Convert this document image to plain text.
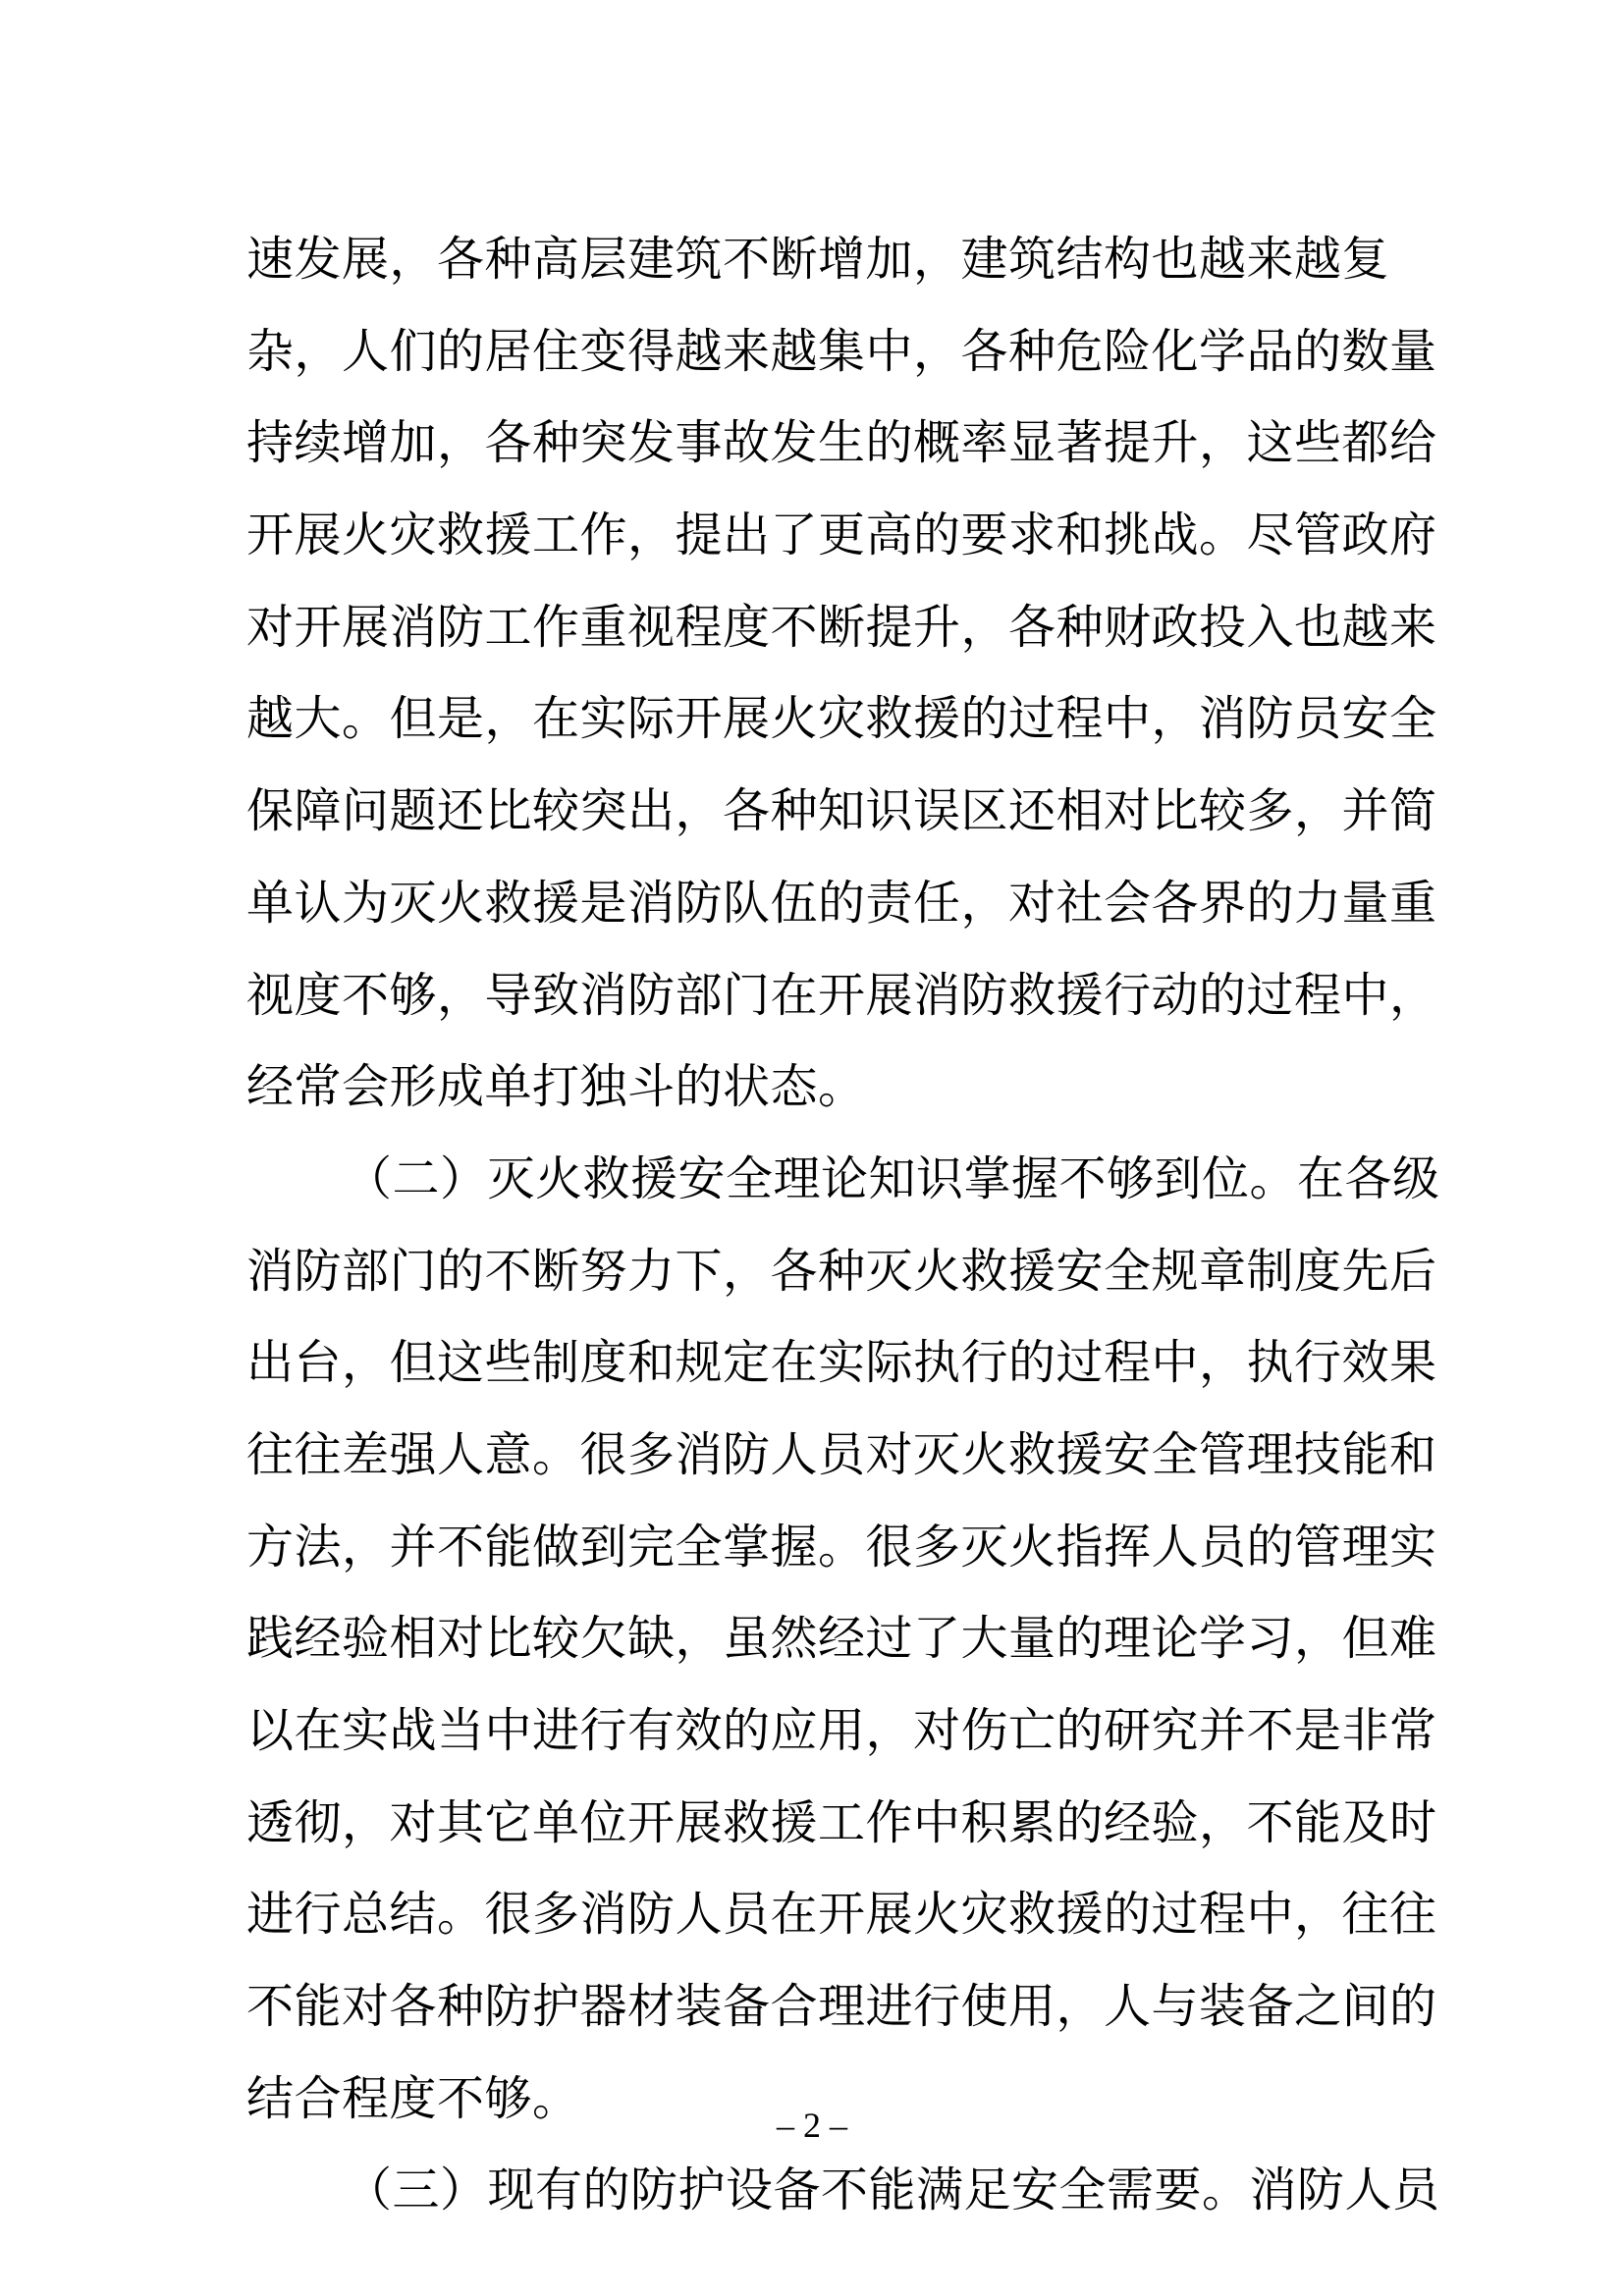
速发展，各种高层建筑不断增加，建筑结构也越来越复
杂，人们的居住变得越来越集中，各种危险化学品的数量
持续增加，各种突发事故发生的概率显著提升，这些都给
开展火灾救援工作，提出了更高的要求和挑战。尽管政府
对开展消防工作重视程度不断提升，各种财政投入也越来
越大。但是，在实际开展火灾救援的过程中，消防员安全
保障问题还比较突出，各种知识误区还相对比较多，并简
单认为灭火救援是消防队伍的责任，对社会各界的力量重
视度不够，导致消防部门在开展消防救援行动的过程中，
经常会形成单打独斗的状态。
（二）灭火救援安全理论知识掌握不够到位。在各级
消防部门的不断努力下，各种灭火救援安全规章制度先后
出台，但这些制度和规定在实际执行的过程中，执行效果
往往差强人意。很多消防人员对灭火救援安全管理技能和
方法，并不能做到完全掌握。很多灭火指挥人员的管理实
践经验相对比较欠缺，虽然经过了大量的理论学习，但难
以在实战当中进行有效的应用，对伤亡的研究并不是非常
透彻，对其它单位开展救援工作中积累的经验，不能及时
进行总结。很多消防人员在开展火灾救援的过程中，往往
不能对各种防护器材装备合理进行使用，人与装备之间的
结合程度不够。
（三）现有的防护设备不能满足安全需要。消防人员
– 2 –
